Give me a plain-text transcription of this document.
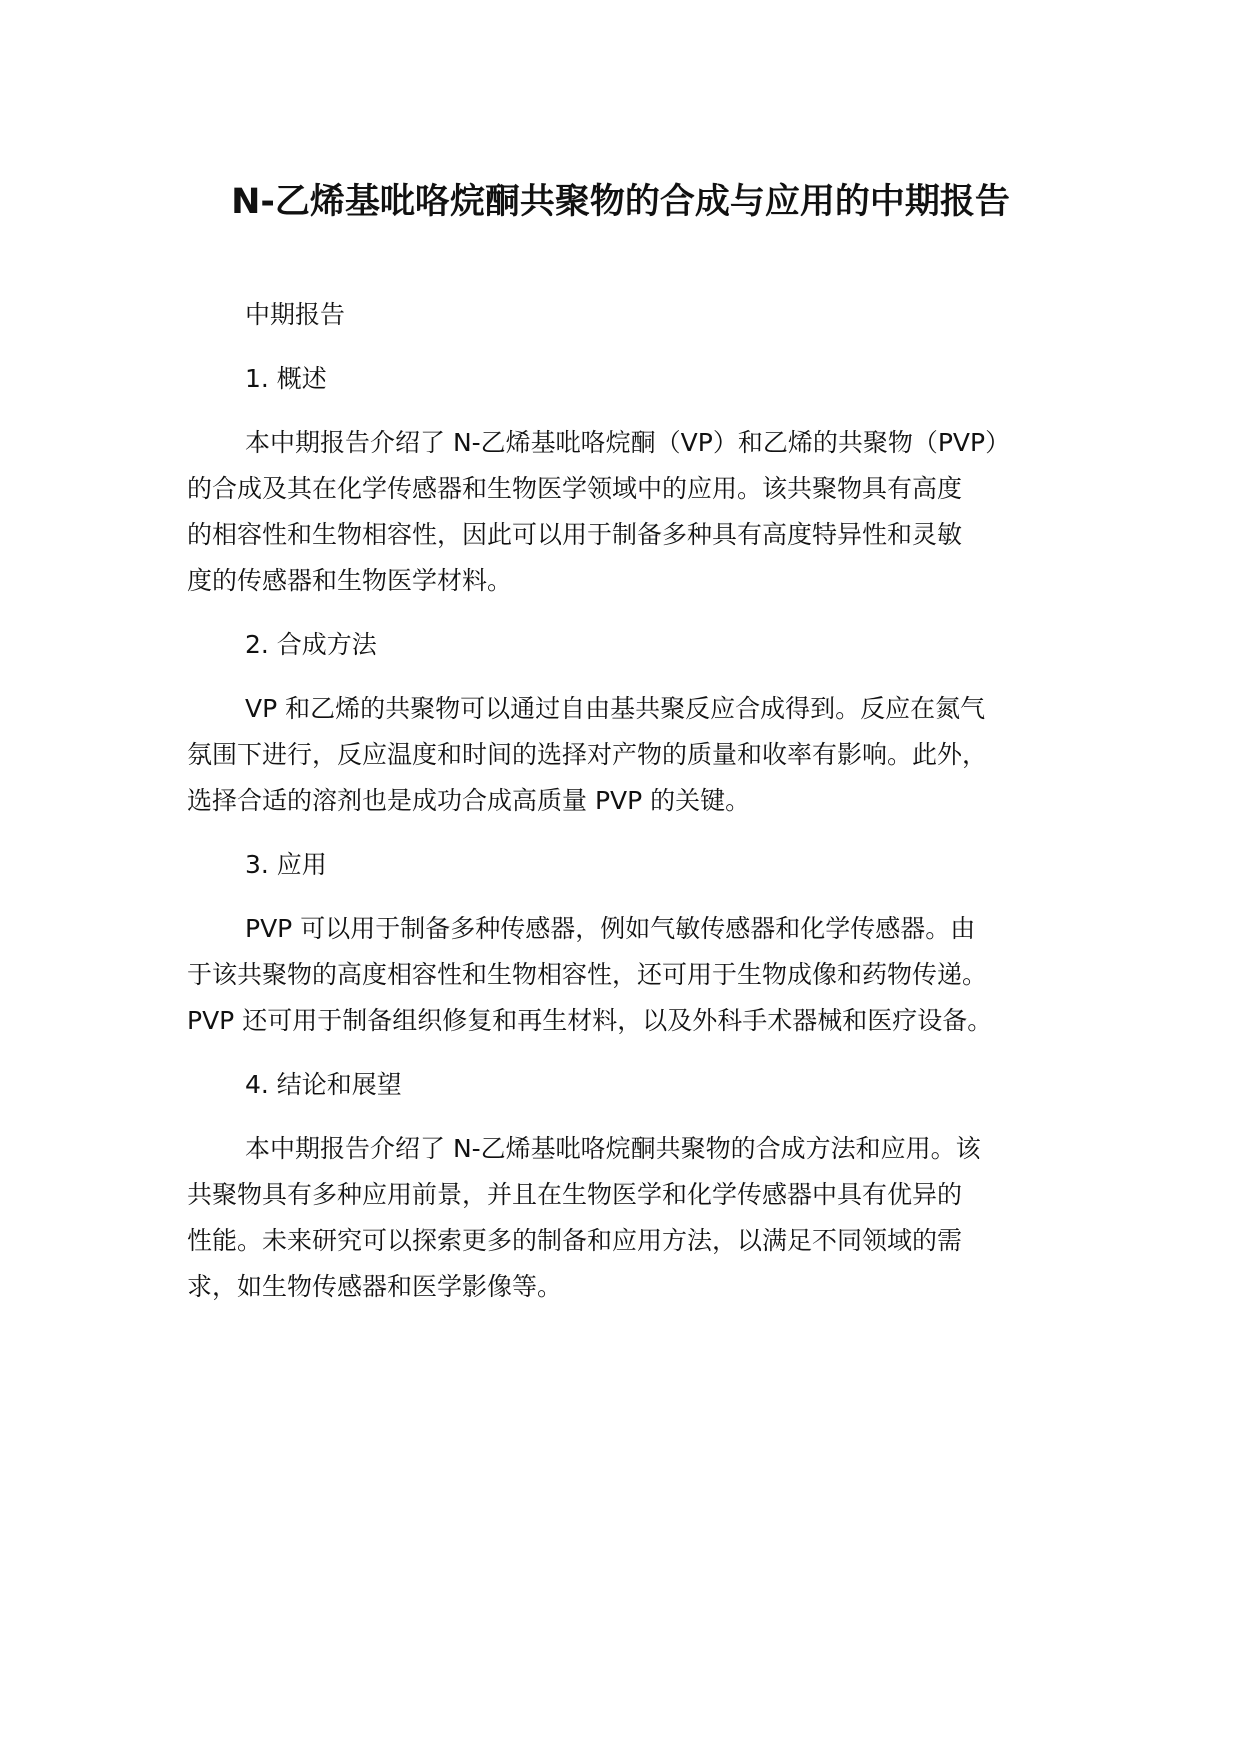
N-乙烯基吡咯烷酮共聚物的合成与应用的中期报告

中期报告

1. 概述

本中期报告介绍了 N-乙烯基吡咯烷酮（VP）和乙烯的共聚物（PVP）

的合成及其在化学传感器和生物医学领域中的应用。该共聚物具有高度

的相容性和生物相容性，因此可以用于制备多种具有高度特异性和灵敏

度的传感器和生物医学材料。

2. 合成方法

VP 和乙烯的共聚物可以通过自由基共聚反应合成得到。反应在氮气

氛围下进行，反应温度和时间的选择对产物的质量和收率有影响。此外，

选择合适的溶剂也是成功合成高质量 PVP 的关键。

3. 应用

PVP 可以用于制备多种传感器，例如气敏传感器和化学传感器。由

于该共聚物的高度相容性和生物相容性，还可用于生物成像和药物传递。

PVP 还可用于制备组织修复和再生材料，以及外科手术器械和医疗设备。

4. 结论和展望

本中期报告介绍了 N-乙烯基吡咯烷酮共聚物的合成方法和应用。该

共聚物具有多种应用前景，并且在生物医学和化学传感器中具有优异的

性能。未来研究可以探索更多的制备和应用方法，以满足不同领域的需

求，如生物传感器和医学影像等。
